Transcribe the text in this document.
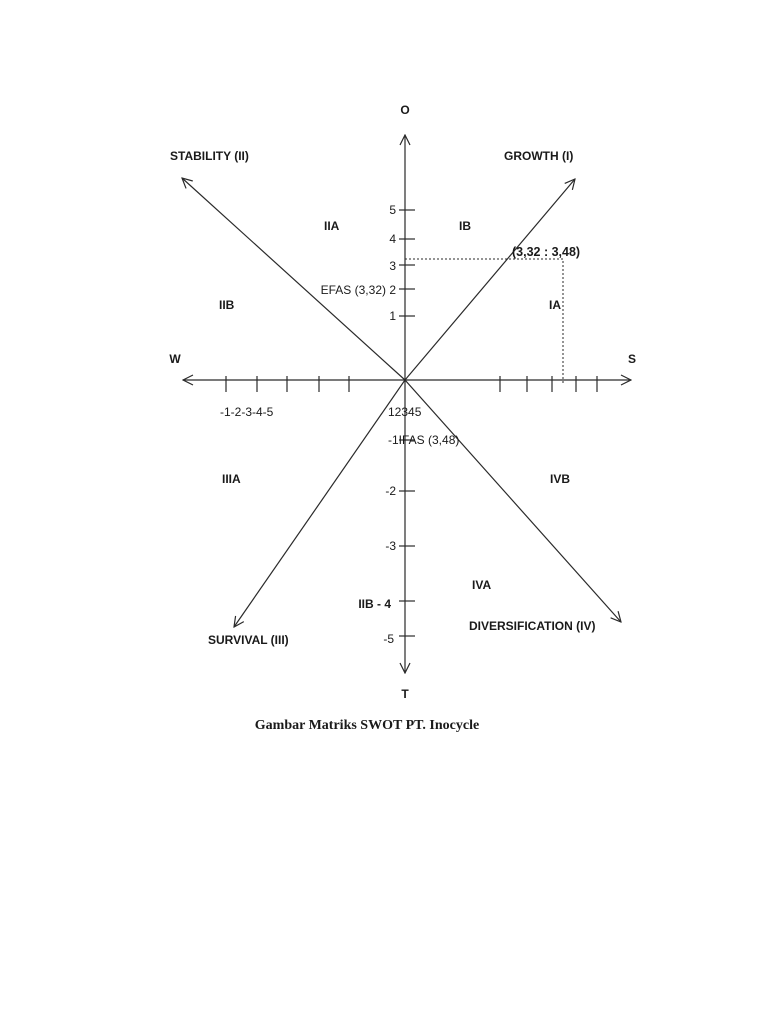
O
T
W	S
STABILITY (II)	GROWTH (I)
SURVIVAL (III)
DIVERSIFICATION (IV)
IIA	IB
IIB	IA
IIIA	IVB
IVA
5
4
3
EFAS (3,32) 2
1
-2
-3
IIB - 4
-5
-1-2-3-4-5	12345
-1IFAS (3,48)
(3,32 : 3,48)
Gambar Matriks SWOT PT. Inocycle
